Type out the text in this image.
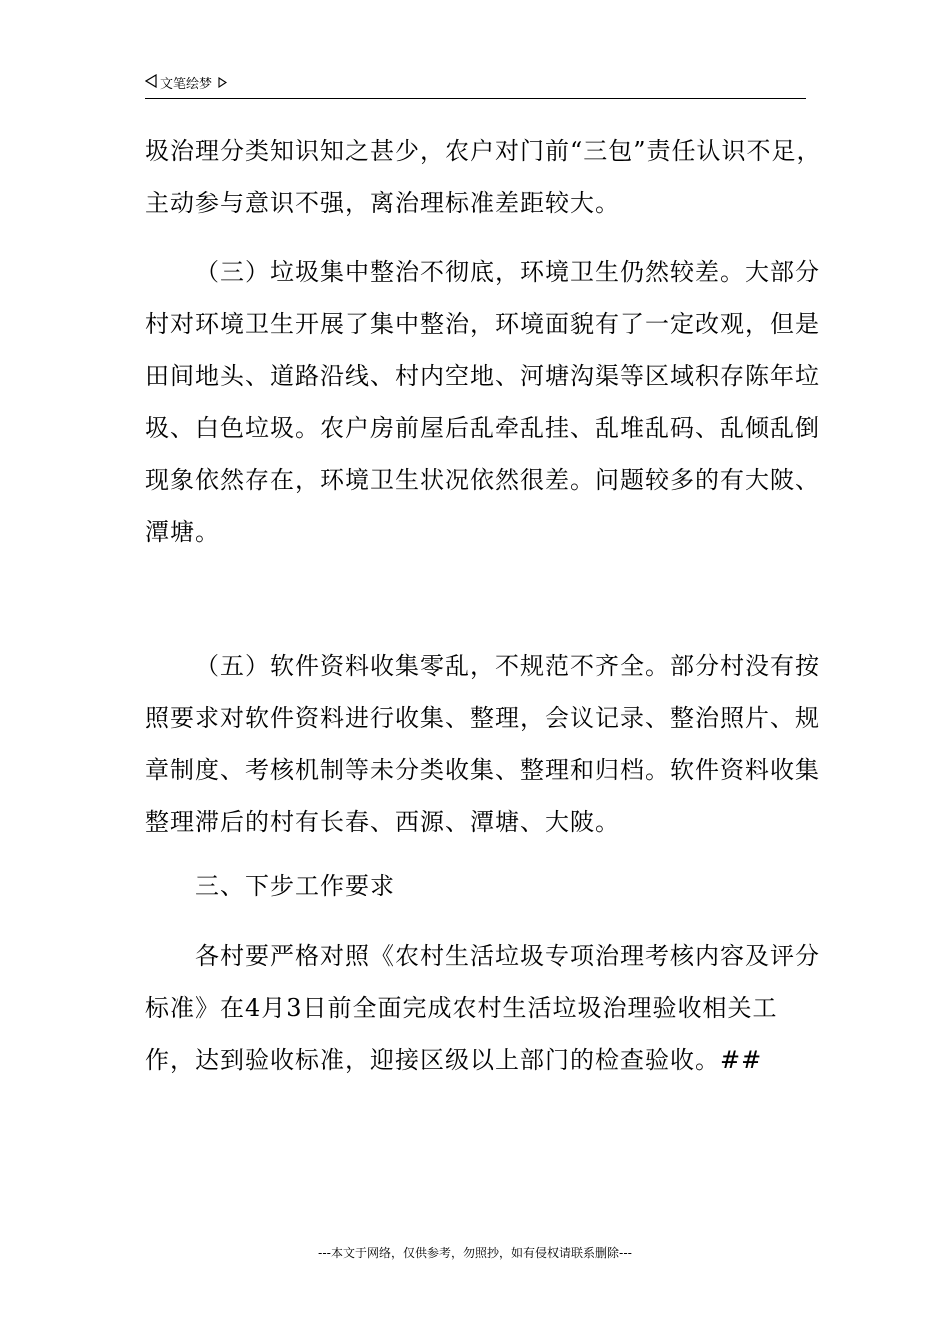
文笔绘梦

圾治理分类知识知之甚少，农户对门前“三包”责任认识不足，主动参与意识不强，离治理标准差距较大。

（三）垃圾集中整治不彻底，环境卫生仍然较差。大部分村对环境卫生开展了集中整治，环境面貌有了一定改观，但是田间地头、道路沿线、村内空地、河塘沟渠等区域积存陈年垃圾、白色垃圾。农户房前屋后乱牵乱挂、乱堆乱码、乱倾乱倒现象依然存在，环境卫生状况依然很差。问题较多的有大陂、潭塘。

（五）软件资料收集零乱，不规范不齐全。部分村没有按照要求对软件资料进行收集、整理，会议记录、整治照片、规章制度、考核机制等未分类收集、整理和归档。软件资料收集整理滞后的村有长春、西源、潭塘、大陂。

三、下步工作要求

各村要严格对照《农村生活垃圾专项治理考核内容及评分标准》在4月3日前全面完成农村生活垃圾治理验收相关工作，达到验收标准，迎接区级以上部门的检查验收。##

---本文于网络，仅供参考，勿照抄，如有侵权请联系删除---
